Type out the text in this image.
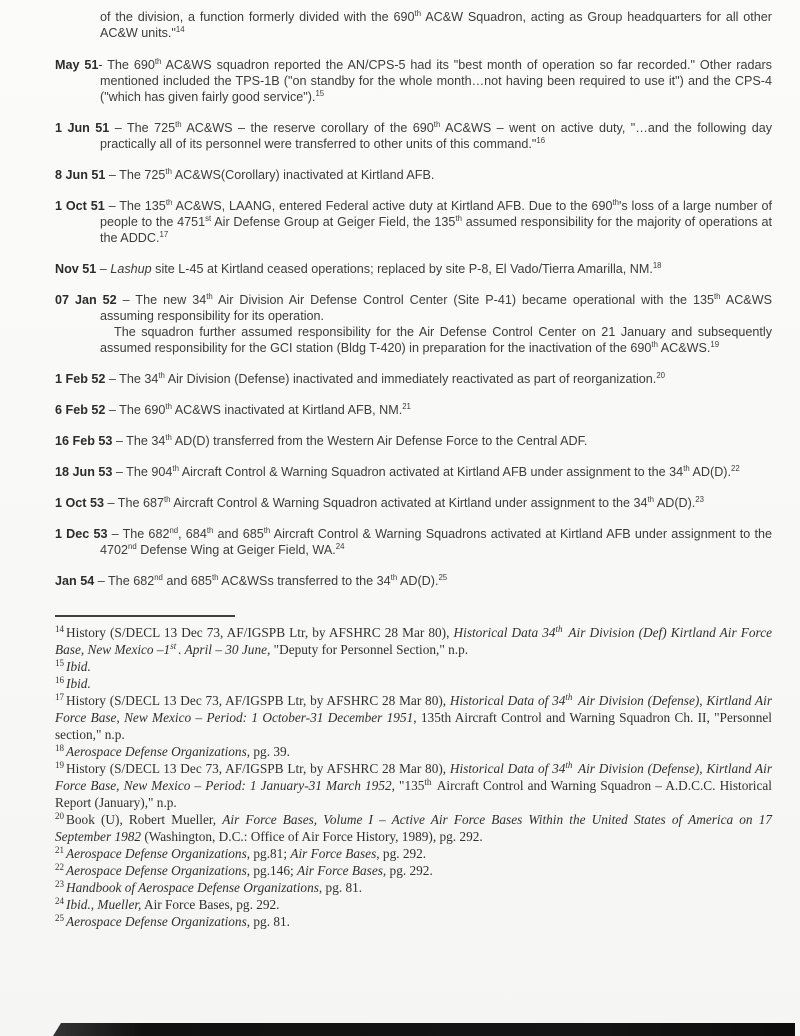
of the division, a function formerly divided with the 690th AC&W Squadron, acting as Group headquarters for all other AC&W units."$^{14}$

May 51- The 690th AC&WS squadron reported the AN/CPS-5 had its "best month of operation so far recorded." Other radars mentioned included the TPS-1B ("on standby for the whole month…not having been required to use it") and the CPS-4 ("which has given fairly good service").$^{15}$

1 Jun 51 – The 725th AC&WS – the reserve corollary of the 690th AC&WS – went on active duty, "…and the following day practically all of its personnel were transferred to other units of this command."$^{16}$

8 Jun 51 – The 725th AC&WS(Corollary) inactivated at Kirtland AFB.

1 Oct 51 – The 135th AC&WS, LAANG, entered Federal active duty at Kirtland AFB. Due to the 690th's loss of a large number of people to the 4751st Air Defense Group at Geiger Field, the 135th assumed responsibility for the majority of operations at the ADDC.$^{17}$

Nov 51 – Lashup site L-45 at Kirtland ceased operations; replaced by site P-8, El Vado/Tierra Amarilla, NM.$^{18}$

07 Jan 52 – The new 34th Air Division Air Defense Control Center (Site P-41) became operational with the 135th AC&WS assuming responsibility for its operation.

The squadron further assumed responsibility for the Air Defense Control Center on 21 January and subsequently assumed responsibility for the GCI station (Bldg T-420) in preparation for the inactivation of the 690th AC&WS.$^{19}$

1 Feb 52 – The 34th Air Division (Defense) inactivated and immediately reactivated as part of reorganization.$^{20}$

6 Feb 52 – The 690th AC&WS inactivated at Kirtland AFB, NM.$^{21}$

16 Feb 53 – The 34th AD(D) transferred from the Western Air Defense Force to the Central ADF.

18 Jun 53 – The 904th Aircraft Control & Warning Squadron activated at Kirtland AFB under assignment to the 34th AD(D).$^{22}$

1 Oct 53 – The 687th Aircraft Control & Warning Squadron activated at Kirtland under assignment to the 34th AD(D).$^{23}$

1 Dec 53 – The 682nd, 684th and 685th Aircraft Control & Warning Squadrons activated at Kirtland AFB under assignment to the 4702nd Defense Wing at Geiger Field, WA.$^{24}$

Jan 54 – The 682nd and 685th AC&WSs transferred to the 34th AD(D).$^{25}$

$^{14}$ History (S/DECL 13 Dec 73, AF/IGSPB Ltr, by AFSHRC 28 Mar 80), Historical Data 34th Air Division (Def) Kirtland Air Force Base, New Mexico –1st . April – 30 June, "Deputy for Personnel Section," n.p.

$^{15}$ Ibid.

$^{16}$ Ibid.

$^{17}$ History (S/DECL 13 Dec 73, AF/IGSPB Ltr, by AFSHRC 28 Mar 80), Historical Data of 34th Air Division (Defense), Kirtland Air Force Base, New Mexico – Period: 1 October-31 December 1951, 135th Aircraft Control and Warning Squadron Ch. II, "Personnel section," n.p.

$^{18}$ Aerospace Defense Organizations, pg. 39.

$^{19}$ History (S/DECL 13 Dec 73, AF/IGSPB Ltr, by AFSHRC 28 Mar 80), Historical Data of 34th Air Division (Defense), Kirtland Air Force Base, New Mexico – Period: 1 January-31 March 1952, "135th Aircraft Control and Warning Squadron – A.D.C.C. Historical Report (January)," n.p.

$^{20}$ Book (U), Robert Mueller, Air Force Bases, Volume I – Active Air Force Bases Within the United States of America on 17 September 1982 (Washington, D.C.: Office of Air Force History, 1989), pg. 292.

$^{21}$ Aerospace Defense Organizations, pg.81; Air Force Bases, pg. 292.

$^{22}$ Aerospace Defense Organizations, pg.146; Air Force Bases, pg. 292.

$^{23}$ Handbook of Aerospace Defense Organizations, pg. 81.

$^{24}$ Ibid., Mueller, Air Force Bases, pg. 292.

$^{25}$ Aerospace Defense Organizations, pg. 81.
